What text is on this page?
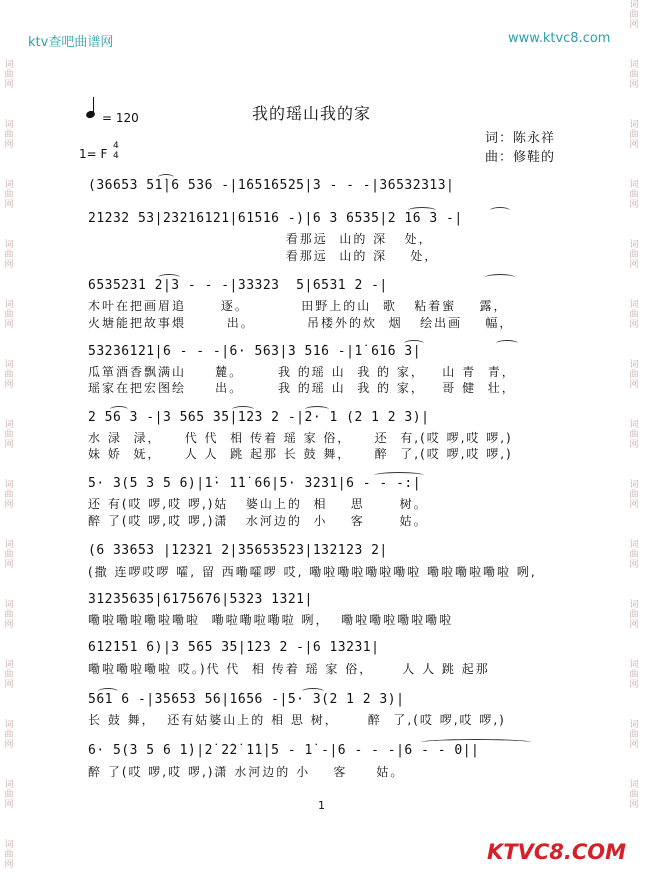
词
曲
网
词
曲
网
词
曲
网
词
曲
网
词
曲
网
词
曲
网
词
曲
网
词
曲
网
词
曲
网
词
曲
网
词
曲
网
词
曲
网
词
曲
网
词
曲
网
词
曲
网
词
曲
网
词
曲
网
词
曲
网
词
曲
网
词
曲
网
词
曲
网
词
曲
网
词
曲
网
词
曲
网
词
曲
网
词
曲
网
词
曲
网
词
曲
网
ktv查吧曲谱网	www.ktvc8.com
= 120	我的瑶山我的家
1= F
4
4
词：陈永祥
曲：修鞋的
(36653 51̇|6 536 -|1̇651̇6525|3 - - -|36532313|
21232 53|23216121|61516 -)|6 3 6535|2 16 3 -|
看那远  山的 深   处，
看那远  山的 深    处，
6535231 2|3 - - -|33323  5|6531 2 -|
木叶在把画眉追      逐。         田野上的山  歌   粘着蜜    露，
火塘能把故事煨       出。         吊楼外的炊  烟   绘出画    幅，
53236121|6 - - -|6· 563|3 51̇6 -|1̇ 61̇6 3|
瓜箪酒香飘满山     麓。      我 的瑶 山  我 的 家，   山 青  青，
瑶家在把宏图绘     出。      我 的瑶 山  我 的 家，   哥 健  壮，
2 56 3 -|3 565 35|123 2 -|2· 1 (2 1 2 3)|
水 渌  渌，    代 代  相 传着 瑶 家 俗，    还  有,(哎 啰,哎 啰,)
妹 娇  妩，    人 人  跳 起那 长 鼓 舞，    醉  了,(哎 啰,哎 啰,)
5· 3(5 3 5 6)|1̇· 1̇1̇ 66|5· 3231|6 - - -:|
还 有(哎 啰,哎 啰,)姑   婆山上的  相    思      树。
醉 了(哎 啰,哎 啰,)潇   水河边的  小    客      姑。
(6 33653 |12321 2|35653523|132123 2|
(撒 连啰哎啰 嚯, 留 西嘞嚯啰 哎, 嘞啦嘞啦嘞啦嘞啦 嘞啦嘞啦嘞啦 咧,
31235635|61̇75676|5323 1321|
嘞啦嘞啦嘞啦嘞啦  嘞啦嘞啦嘞啦 咧，  嘞啦嘞啦嘞啦嘞啦
612151 6)|3 565 35|123 2 -|6 13231|
嘞啦嘞啦嘞啦 哎。)代 代  相 传着 瑶 家 俗，     人 人 跳 起那
561 6 -|35653 56|1̇656 -|5· 3(2 1 2 3)|
长 鼓 舞，  还有姑婆山上的 相 思 树，     醉  了,(哎 啰,哎 啰,)
6· 5(3 5 6 1̇)|2̇ 2̇2̇ 1̇1̇|5 - 1̇ -|6 - - -|6 - - 0||
醉 了(哎 啰,哎 啰,)潇 水河边的 小    客     姑。
1
KTVC8.COM
